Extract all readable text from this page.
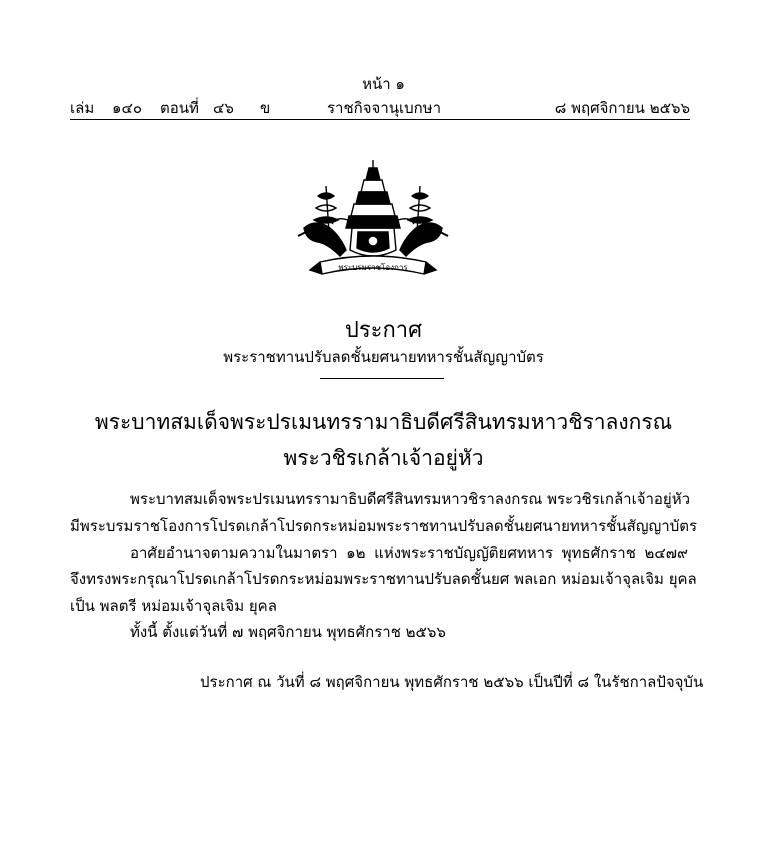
หน้า ๑
เล่ม ๑๔๐ ตอนที่ ๔๖ ข	ราชกิจจานุเบกษา	๘ พฤศจิกายน ๒๕๖๖
พระบรมราชโองการ
ประกาศ
พระราชทานปรับลดชั้นยศนายทหารชั้นสัญญาบัตร
พระบาทสมเด็จพระปรเมนทรรามาธิบดีศรีสินทรมหาวชิราลงกรณ
พระวชิรเกล้าเจ้าอยู่หัว
พระบาทสมเด็จพระปรเมนทรรามาธิบดีศรีสินทรมหาวชิราลงกรณ พระวชิรเกล้าเจ้าอยู่หัว
มีพระบรมราชโองการโปรดเกล้าโปรดกระหม่อมพระราชทานปรับลดชั้นยศนายทหารชั้นสัญญาบัตร
อาศัยอำนาจตามความในมาตรา ๑๒ แห่งพระราชบัญญัติยศทหาร พุทธศักราช ๒๔๗๙
จึงทรงพระกรุณาโปรดเกล้าโปรดกระหม่อมพระราชทานปรับลดชั้นยศ พลเอก หม่อมเจ้าจุลเจิม ยุคล
เป็น พลตรี หม่อมเจ้าจุลเจิม ยุคล
ทั้งนี้ ตั้งแต่วันที่ ๗ พฤศจิกายน พุทธศักราช ๒๕๖๖
ประกาศ ณ วันที่ ๘ พฤศจิกายน พุทธศักราช ๒๕๖๖ เป็นปีที่ ๘ ในรัชกาลปัจจุบัน
